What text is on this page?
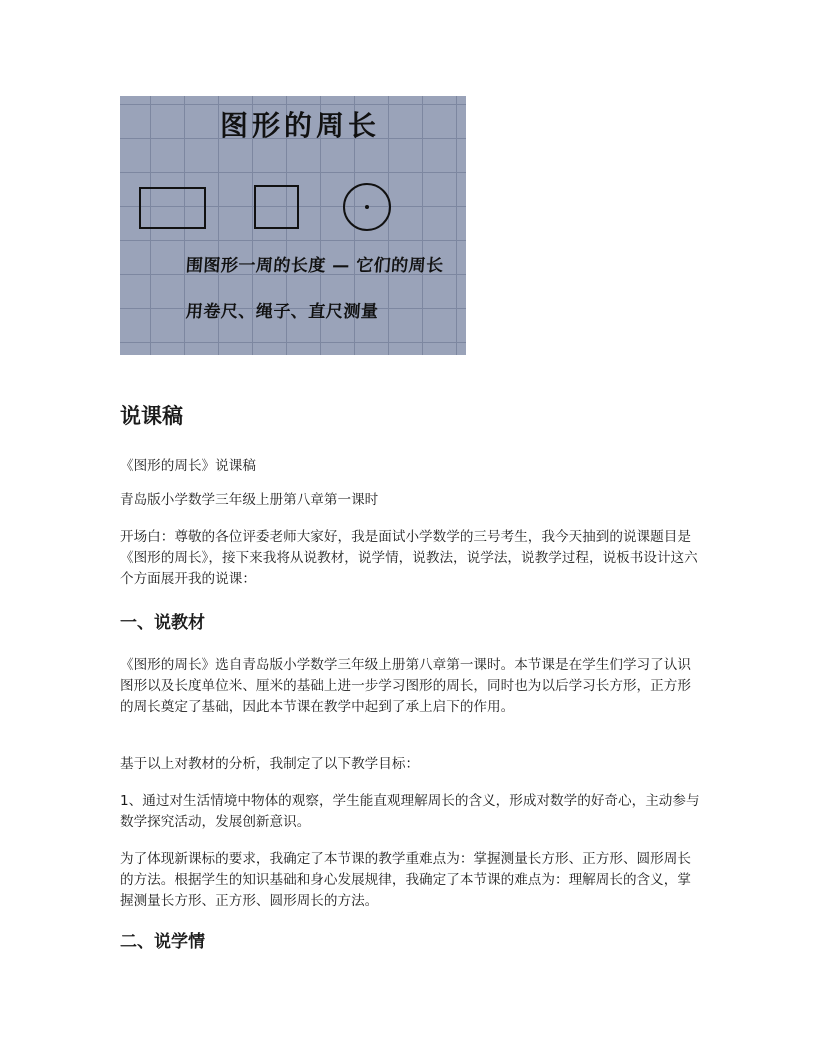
图形的周长
围图形一周的长度 — 它们的周长
用卷尺、绳子、直尺测量
说课稿

《图形的周长》说课稿

青岛版小学数学三年级上册第八章第一课时

开场白：尊敬的各位评委老师大家好，我是面试小学数学的三号考生，我今天抽到的说课题目是《图形的周长》，接下来我将从说教材，说学情，说教法，说学法，说教学过程，说板书设计这六个方面展开我的说课：

一、说教材

《图形的周长》选自青岛版小学数学三年级上册第八章第一课时。本节课是在学生们学习了认识图形以及长度单位米、厘米的基础上进一步学习图形的周长，同时也为以后学习长方形，正方形的周长奠定了基础，因此本节课在教学中起到了承上启下的作用。

基于以上对教材的分析，我制定了以下教学目标：

1、通过对生活情境中物体的观察，学生能直观理解周长的含义，形成对数学的好奇心，主动参与数学探究活动，发展创新意识。

为了体现新课标的要求，我确定了本节课的教学重难点为：掌握测量长方形、正方形、圆形周长的方法。根据学生的知识基础和身心发展规律，我确定了本节课的难点为：理解周长的含义，掌握测量长方形、正方形、圆形周长的方法。

二、说学情
